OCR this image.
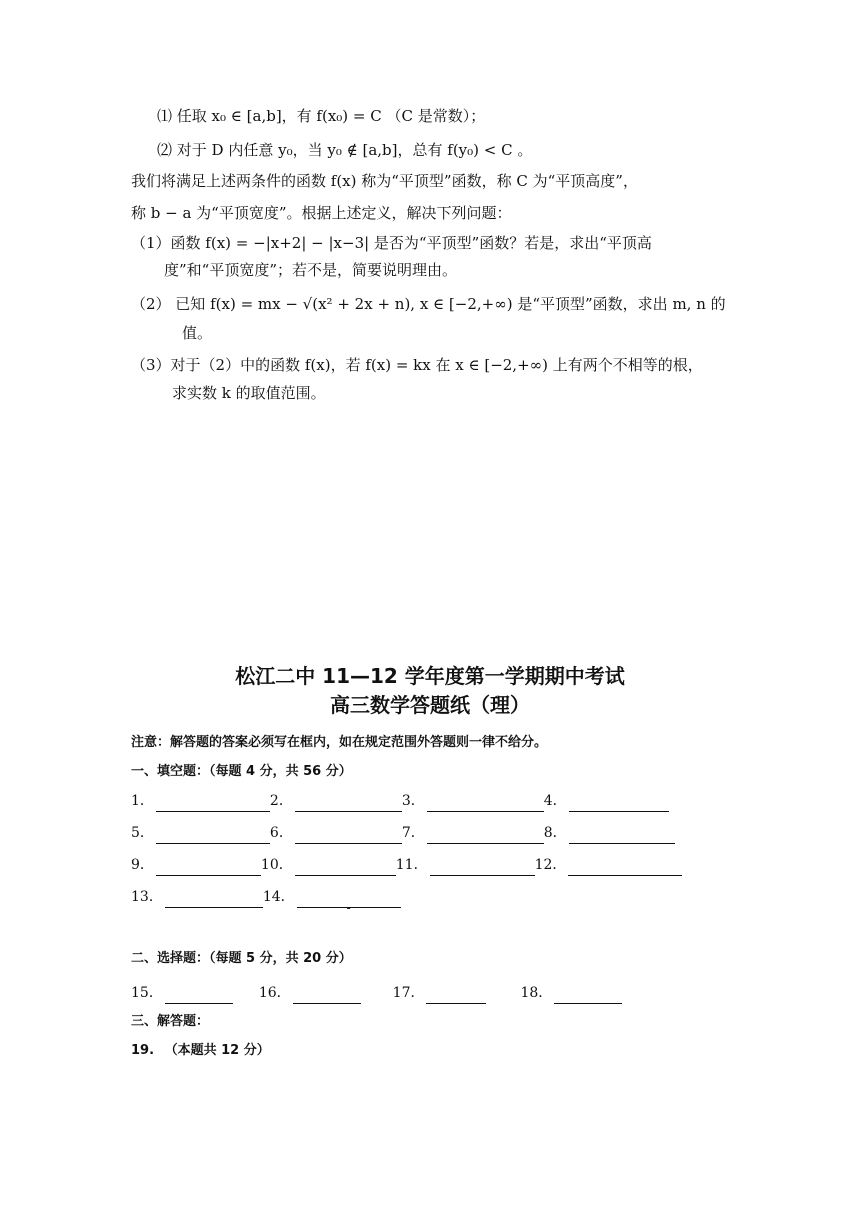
⑴ 任取 x₀ ∈ [a,b]，有 f(x₀) = C （C 是常数）；
⑵ 对于 D 内任意 y₀，当 y₀ ∉ [a,b]，总有 f(y₀) < C 。
我们将满足上述两条件的函数 f(x) 称为“平顶型”函数，称 C 为“平顶高度”，
称 b − a 为“平顶宽度”。根据上述定义，解决下列问题：
（1）函数 f(x) = −|x+2| − |x−3| 是否为“平顶型”函数？若是，求出“平顶高
度”和“平顶宽度”；若不是，简要说明理由。
（2） 已知 f(x) = mx − √(x² + 2x + n), x ∈ [−2,+∞) 是“平顶型”函数，求出 m, n 的
值。
（3）对于（2）中的函数 f(x)，若 f(x) = kx 在 x ∈ [−2,+∞) 上有两个不相等的根，
求实数 k 的取值范围。
松江二中 11—12 学年度第一学期期中考试
高三数学答题纸（理）
注意：解答题的答案必须写在框内，如在规定范围外答题则一律不给分。
一、填空题：（每题 4 分，共 56 分）
1．	2．	3．	4．
5．	6．	7．	8．
9．	10．	11．	12．
13．	14．
-
二、选择题：（每题 5 分，共 20 分）
15．	16．	17．	18．
三、解答题：
19. （本题共 12 分）
